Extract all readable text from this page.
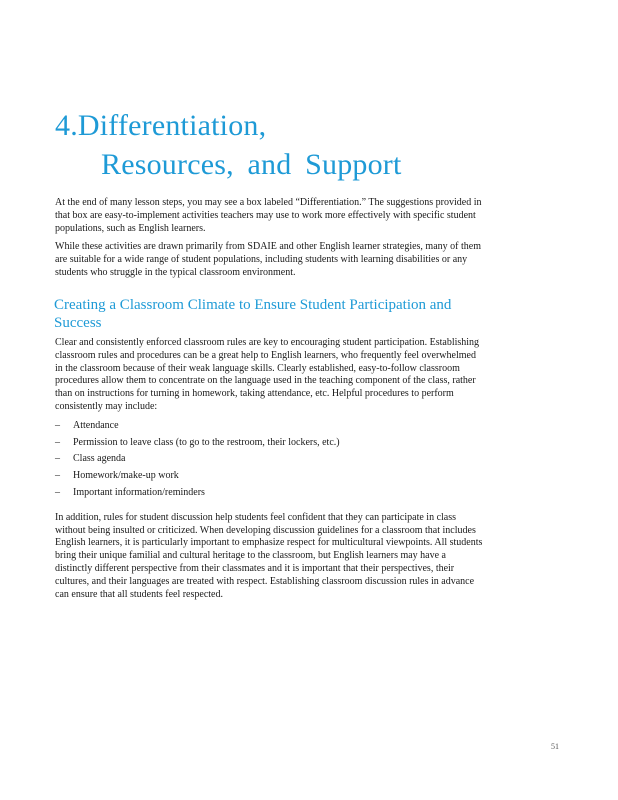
4.Differentiation,
Resources, and Support

At the end of many lesson steps, you may see a box labeled “Differentiation.” The suggestions provided in that box are easy-to-implement activities teachers may use to work more effectively with specific student populations, such as English learners.

While these activities are drawn primarily from SDAIE and other English learner strategies, many of them are suitable for a wide range of student populations, including students with learning disabilities or any students who struggle in the typical classroom environment.

Creating a Classroom Climate to Ensure Student Participation and Success

Clear and consistently enforced classroom rules are key to encouraging student participation. Establishing classroom rules and procedures can be a great help to English learners, who frequently feel overwhelmed in the classroom because of their weak language skills. Clearly established, easy-to-follow classroom procedures allow them to concentrate on the language used in the teaching component of the class, rather than on instructions for turning in homework, taking attendance, etc. Helpful procedures to perform consistently may include:

–	Attendance
–	Permission to leave class (to go to the restroom, their lockers, etc.)
–	Class agenda
–	Homework/make-up work
–	Important information/reminders

In addition, rules for student discussion help students feel confident that they can participate in class without being insulted or criticized. When developing discussion guidelines for a classroom that includes English learners, it is particularly important to emphasize respect for multicultural viewpoints. All students bring their unique familial and cultural heritage to the classroom, but English learners may have a distinctly different perspective from their classmates and it is important that their perspectives, their cultures, and their languages are treated with respect. Establishing classroom discussion rules in advance can ensure that all students feel respected.

51
